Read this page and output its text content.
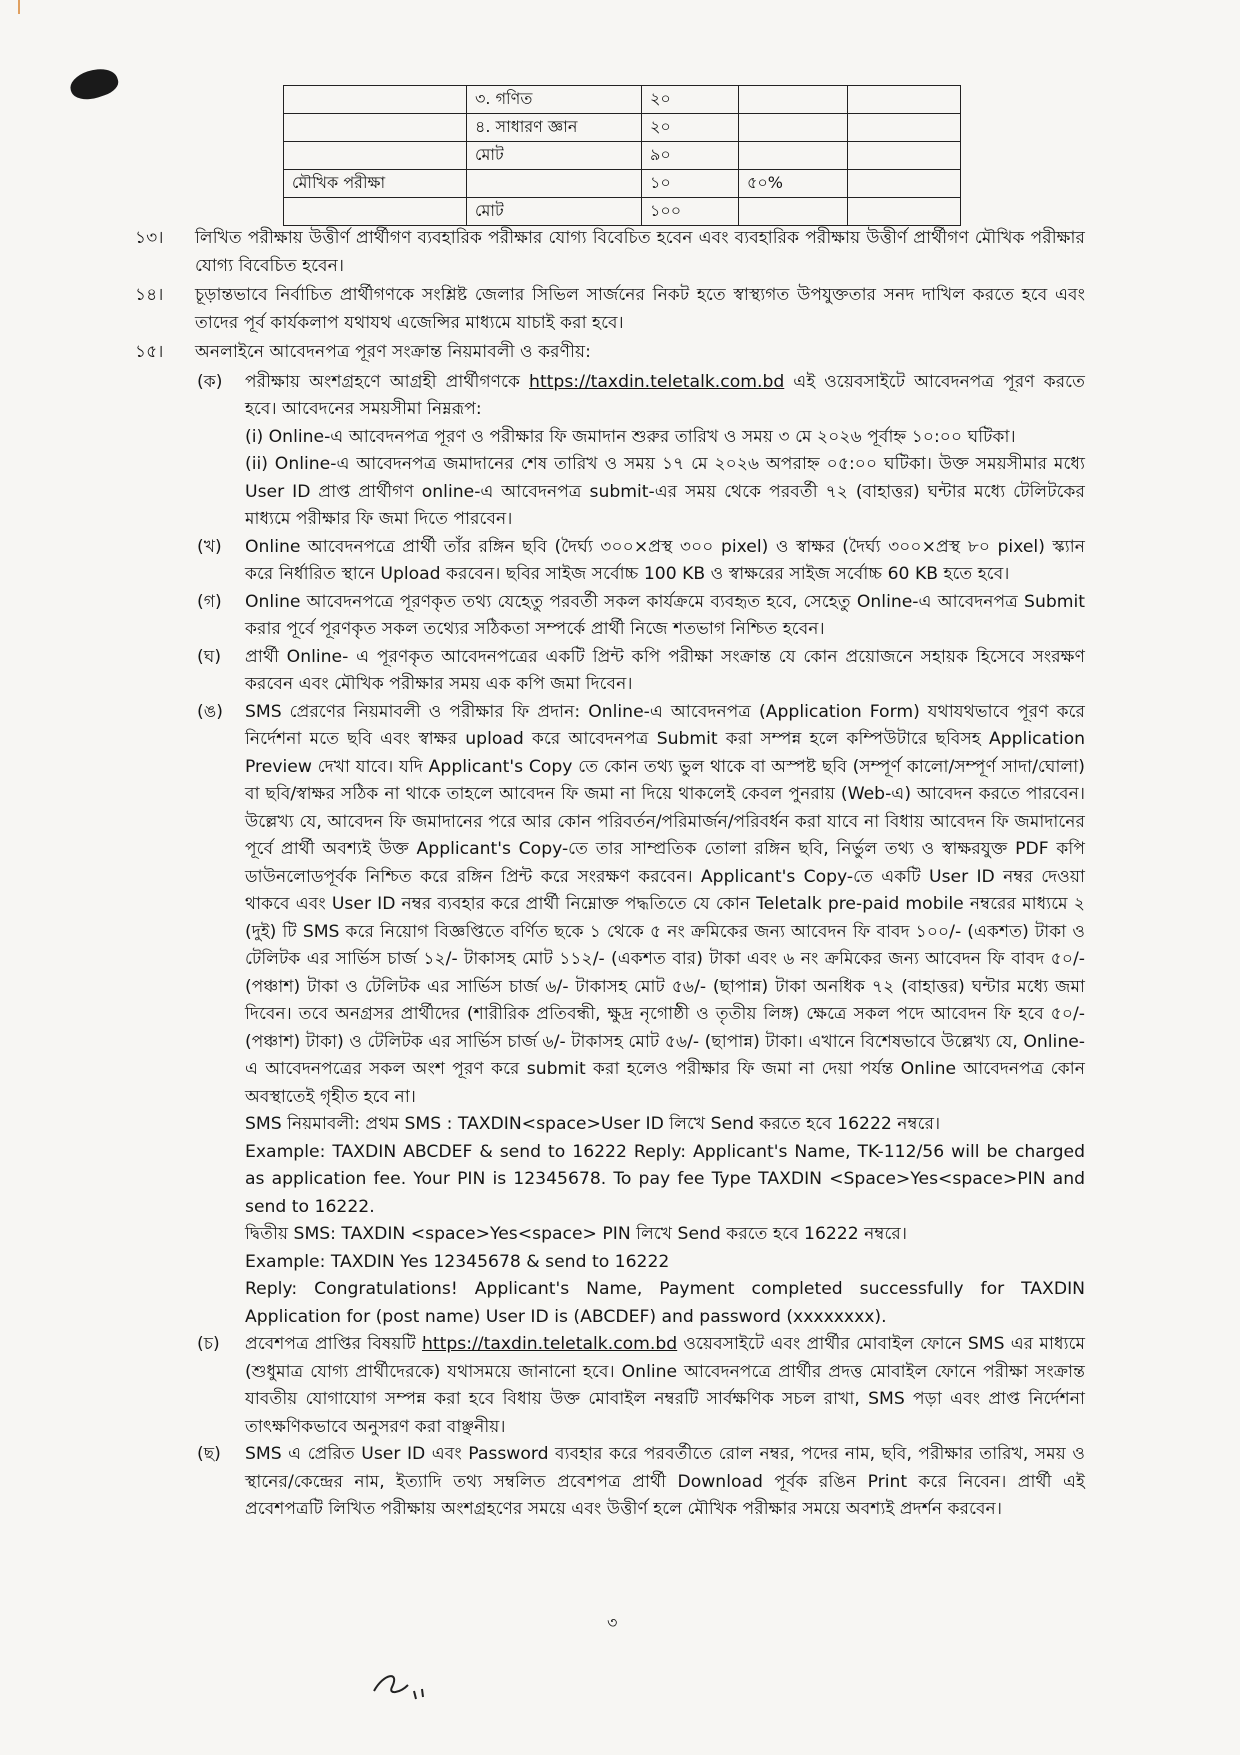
	৩. গণিত	২০		
	৪. সাধারণ জ্ঞান	২০		
	মোট	৯০		
মৌখিক পরীক্ষা		১০	৫০%	
	মোট	১০০		
১৩।	লিখিত পরীক্ষায় উত্তীর্ণ প্রার্থীগণ ব্যবহারিক পরীক্ষার যোগ্য বিবেচিত হবেন এবং ব্যবহারিক পরীক্ষায় উত্তীর্ণ প্রার্থীগণ মৌখিক পরীক্ষার যোগ্য বিবেচিত হবেন।
১৪।	চূড়ান্তভাবে নির্বাচিত প্রার্থীগণকে সংশ্লিষ্ট জেলার সিভিল সার্জনের নিকট হতে স্বাস্থ্যগত উপযুক্ততার সনদ দাখিল করতে হবে এবং তাদের পূর্ব কার্যকলাপ যথাযথ এজেন্সির মাধ্যমে যাচাই করা হবে।
১৫।	অনলাইনে আবেদনপত্র পূরণ সংক্রান্ত নিয়মাবলী ও করণীয়:
(ক) পরীক্ষায় অংশগ্রহণে আগ্রহী প্রার্থীগণকে https://taxdin.teletalk.com.bd এই ওয়েবসাইটে আবেদনপত্র পূরণ করতে হবে। আবেদনের সময়সীমা নিম্নরূপ:
(i) Online-এ আবেদনপত্র পূরণ ও পরীক্ষার ফি জমাদান শুরুর তারিখ ও সময় ৩ মে ২০২৬ পূর্বাহ্ন ১০:০০ ঘটিকা।
(ii) Online-এ আবেদনপত্র জমাদানের শেষ তারিখ ও সময় ১৭ মে ২০২৬ অপরাহ্ন ০৫:০০ ঘটিকা। উক্ত সময়সীমার মধ্যে User ID প্রাপ্ত প্রার্থীগণ online-এ আবেদনপত্র submit-এর সময় থেকে পরবর্তী ৭২ (বাহাত্তর) ঘন্টার মধ্যে টেলিটকের মাধ্যমে পরীক্ষার ফি জমা দিতে পারবেন।
(খ) Online আবেদনপত্রে প্রার্থী তাঁর রঙ্গিন ছবি (দৈর্ঘ্য ৩০০×প্রস্থ ৩০০ pixel) ও স্বাক্ষর (দৈর্ঘ্য ৩০০×প্রস্থ ৮০ pixel) স্ক্যান করে নির্ধারিত স্থানে Upload করবেন। ছবির সাইজ সর্বোচ্চ 100 KB ও স্বাক্ষরের সাইজ সর্বোচ্চ 60 KB হতে হবে।
(গ) Online আবেদনপত্রে পূরণকৃত তথ্য যেহেতু পরবর্তী সকল কার্যক্রমে ব্যবহৃত হবে, সেহেতু Online-এ আবেদনপত্র Submit করার পূর্বে পূরণকৃত সকল তথ্যের সঠিকতা সম্পর্কে প্রার্থী নিজে শতভাগ নিশ্চিত হবেন।
(ঘ) প্রার্থী Online- এ পূরণকৃত আবেদনপত্রের একটি প্রিন্ট কপি পরীক্ষা সংক্রান্ত যে কোন প্রয়োজনে সহায়ক হিসেবে সংরক্ষণ করবেন এবং মৌখিক পরীক্ষার সময় এক কপি জমা দিবেন।
(ঙ) SMS প্রেরণের নিয়মাবলী ও পরীক্ষার ফি প্রদান: Online-এ আবেদনপত্র (Application Form) যথাযথভাবে পূরণ করে নির্দেশনা মতে ছবি এবং স্বাক্ষর upload করে আবেদনপত্র Submit করা সম্পন্ন হলে কম্পিউটারে ছবিসহ Application Preview দেখা যাবে। যদি Applicant's Copy তে কোন তথ্য ভুল থাকে বা অস্পষ্ট ছবি (সম্পূর্ণ কালো/সম্পূর্ণ সাদা/ঘোলা) বা ছবি/স্বাক্ষর সঠিক না থাকে তাহলে আবেদন ফি জমা না দিয়ে থাকলেই কেবল পুনরায় (Web-এ) আবেদন করতে পারবেন। উল্লেখ্য যে, আবেদন ফি জমাদানের পরে আর কোন পরিবর্তন/পরিমার্জন/পরিবর্ধন করা যাবে না বিধায় আবেদন ফি জমাদানের পূর্বে প্রার্থী অবশ্যই উক্ত Applicant's Copy-তে তার সাম্প্রতিক তোলা রঙ্গিন ছবি, নির্ভুল তথ্য ও স্বাক্ষরযুক্ত PDF কপি ডাউনলোডপূর্বক নিশ্চিত করে রঙ্গিন প্রিন্ট করে সংরক্ষণ করবেন। Applicant's Copy-তে একটি User ID নম্বর দেওয়া থাকবে এবং User ID নম্বর ব্যবহার করে প্রার্থী নিম্নোক্ত পদ্ধতিতে যে কোন Teletalk pre-paid mobile নম্বরের মাধ্যমে ২ (দুই) টি SMS করে নিয়োগ বিজ্ঞপ্তিতে বর্ণিত ছকে ১ থেকে ৫ নং ক্রমিকের জন্য আবেদন ফি বাবদ ১০০/- (একশত) টাকা ও টেলিটক এর সার্ভিস চার্জ ১২/- টাকাসহ মোট ১১২/- (একশত বার) টাকা এবং ৬ নং ক্রমিকের জন্য আবেদন ফি বাবদ ৫০/- (পঞ্চাশ) টাকা ও টেলিটক এর সার্ভিস চার্জ ৬/- টাকাসহ মোট ৫৬/- (ছাপান্ন) টাকা অনধিক ৭২ (বাহাত্তর) ঘন্টার মধ্যে জমা দিবেন। তবে অনগ্রসর প্রার্থীদের (শারীরিক প্রতিবন্ধী, ক্ষুদ্র নৃগোষ্ঠী ও তৃতীয় লিঙ্গ) ক্ষেত্রে সকল পদে আবেদন ফি হবে ৫০/- (পঞ্চাশ) টাকা) ও টেলিটক এর সার্ভিস চার্জ ৬/- টাকাসহ মোট ৫৬/- (ছাপান্ন) টাকা। এখানে বিশেষভাবে উল্লেখ্য যে, Online-এ আবেদনপত্রের সকল অংশ পূরণ করে submit করা হলেও পরীক্ষার ফি জমা না দেয়া পর্যন্ত Online আবেদনপত্র কোন অবস্থাতেই গৃহীত হবে না।
SMS নিয়মাবলী: প্রথম SMS : TAXDIN<space>User ID লিখে Send করতে হবে 16222 নম্বরে।
Example: TAXDIN ABCDEF & send to 16222 Reply: Applicant's Name, TK-112/56 will be charged as application fee. Your PIN is 12345678. To pay fee Type TAXDIN <Space>Yes<space>PIN and send to 16222.
দ্বিতীয় SMS: TAXDIN <space>Yes<space> PIN লিখে Send করতে হবে 16222 নম্বরে।
Example: TAXDIN Yes 12345678 & send to 16222
Reply: Congratulations! Applicant's Name, Payment completed successfully for TAXDIN Application for (post name) User ID is (ABCDEF) and password (xxxxxxxx).
(চ) প্রবেশপত্র প্রাপ্তির বিষয়টি https://taxdin.teletalk.com.bd ওয়েবসাইটে এবং প্রার্থীর মোবাইল ফোনে SMS এর মাধ্যমে (শুধুমাত্র যোগ্য প্রার্থীদেরকে) যথাসময়ে জানানো হবে। Online আবেদনপত্রে প্রার্থীর প্রদত্ত মোবাইল ফোনে পরীক্ষা সংক্রান্ত যাবতীয় যোগাযোগ সম্পন্ন করা হবে বিধায় উক্ত মোবাইল নম্বরটি সার্বক্ষণিক সচল রাখা, SMS পড়া এবং প্রাপ্ত নির্দেশনা তাৎক্ষণিকভাবে অনুসরণ করা বাঞ্ছনীয়।
(ছ) SMS এ প্রেরিত User ID এবং Password ব্যবহার করে পরবর্তীতে রোল নম্বর, পদের নাম, ছবি, পরীক্ষার তারিখ, সময় ও স্থানের/কেন্দ্রের নাম, ইত্যাদি তথ্য সম্বলিত প্রবেশপত্র প্রার্থী Download পূর্বক রঙিন Print করে নিবেন। প্রার্থী এই প্রবেশপত্রটি লিখিত পরীক্ষায় অংশগ্রহণের সময়ে এবং উত্তীর্ণ হলে মৌখিক পরীক্ষার সময়ে অবশ্যই প্রদর্শন করবেন।
৩
